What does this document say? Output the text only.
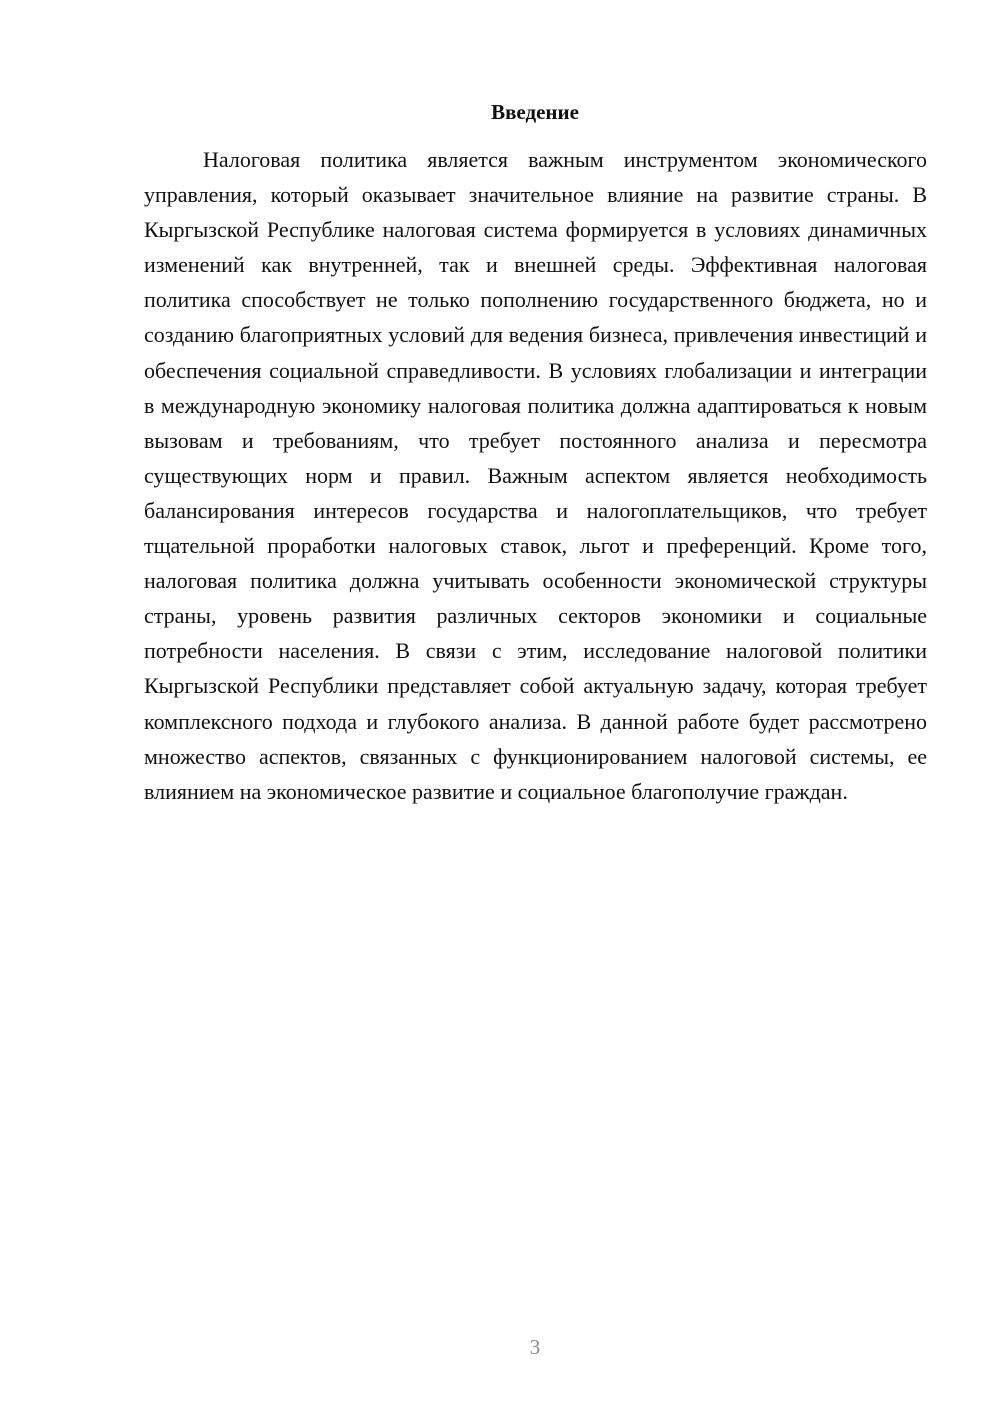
Введение

Налоговая политика является важным инструментом экономического управления, который оказывает значительное влияние на развитие страны. В Кыргызской Республике налоговая система формируется в условиях динамичных изменений как внутренней, так и внешней среды. Эффективная налоговая политика способствует не только пополнению государственного бюджета, но и созданию благоприятных условий для ведения бизнеса, привлечения инвестиций и обеспечения социальной справедливости. В условиях глобализации и интеграции в международную экономику налоговая политика должна адаптироваться к новым вызовам и требованиям, что требует постоянного анализа и пересмотра существующих норм и правил. Важным аспектом является необходимость балансирования интересов государства и налогоплательщиков, что требует тщательной проработки налоговых ставок, льгот и преференций. Кроме того, налоговая политика должна учитывать особенности экономической структуры страны, уровень развития различных секторов экономики и социальные потребности населения. В связи с этим, исследование налоговой политики Кыргызской Республики представляет собой актуальную задачу, которая требует комплексного подхода и глубокого анализа. В данной работе будет рассмотрено множество аспектов, связанных с функционированием налоговой системы, ее влиянием на экономическое развитие и социальное благополучие граждан.

3
